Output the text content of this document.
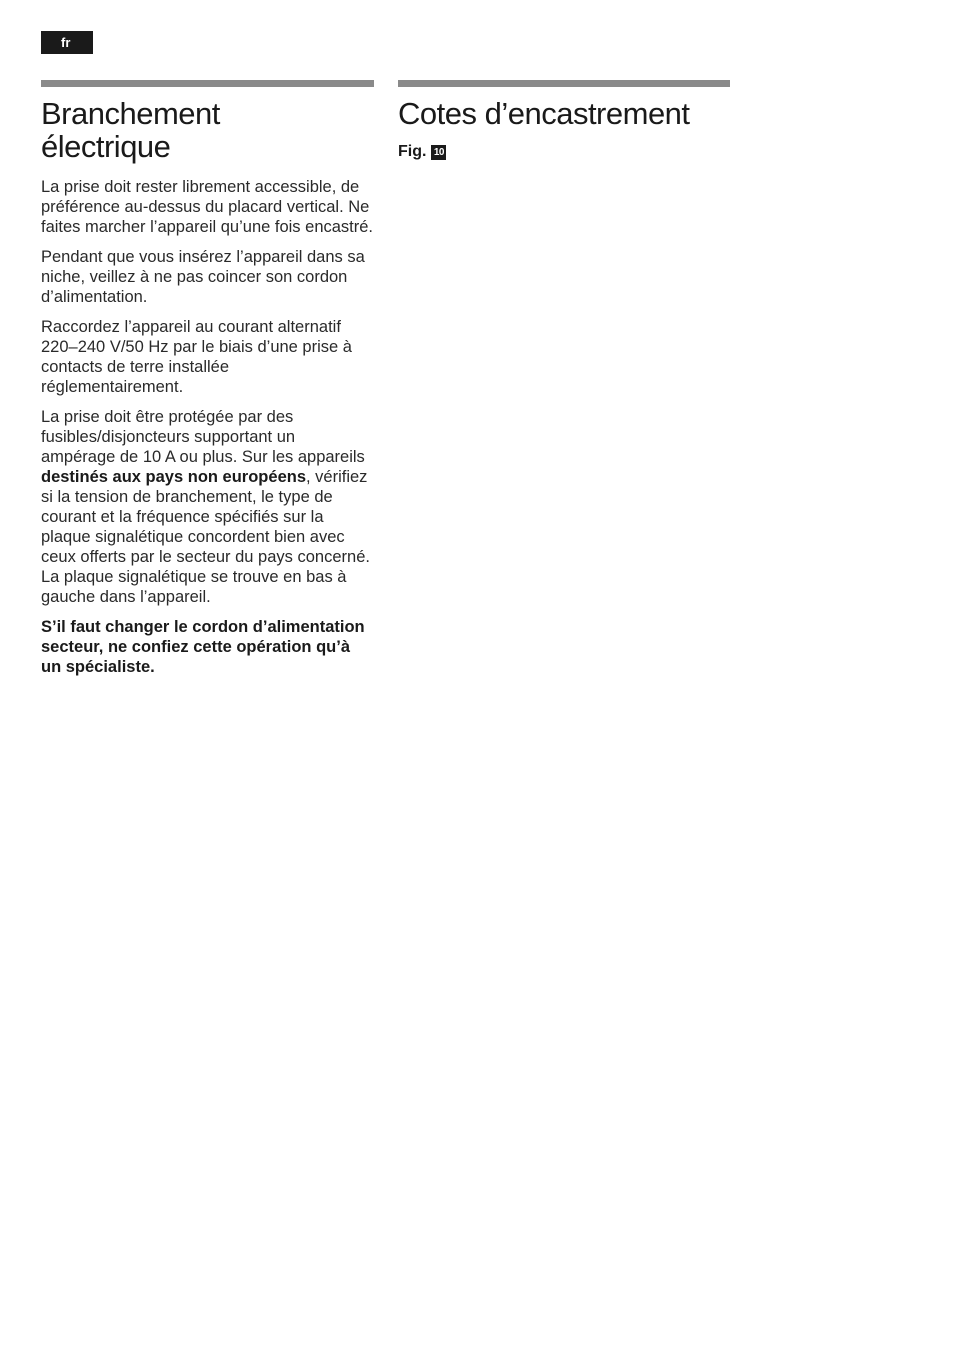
fr
Branchement
électrique

La prise doit rester librement accessible, de préférence au-dessus du placard vertical. Ne faites marcher l’appareil qu’une fois encastré.

Pendant que vous insérez l’appareil dans sa niche, veillez à ne pas coincer son cordon d’alimentation.

Raccordez l’appareil au courant alternatif 220–240 V/50 Hz par le biais d’une prise à contacts de terre installée réglementairement.

La prise doit être protégée par des fusibles/disjoncteurs supportant un ampérage de 10 A ou plus. Sur les appareils destinés aux pays non européens, vérifiez si la tension de branchement, le type de courant et la fréquence spécifiés sur la plaque signalétique concordent bien avec ceux offerts par le secteur du pays concerné. La plaque signalétique se trouve en bas à gauche dans l’appareil.

S’il faut changer le cordon d’alimentation secteur, ne confiez cette opération qu’à un spécialiste.

Cotes d’encastrement
Fig. 10
